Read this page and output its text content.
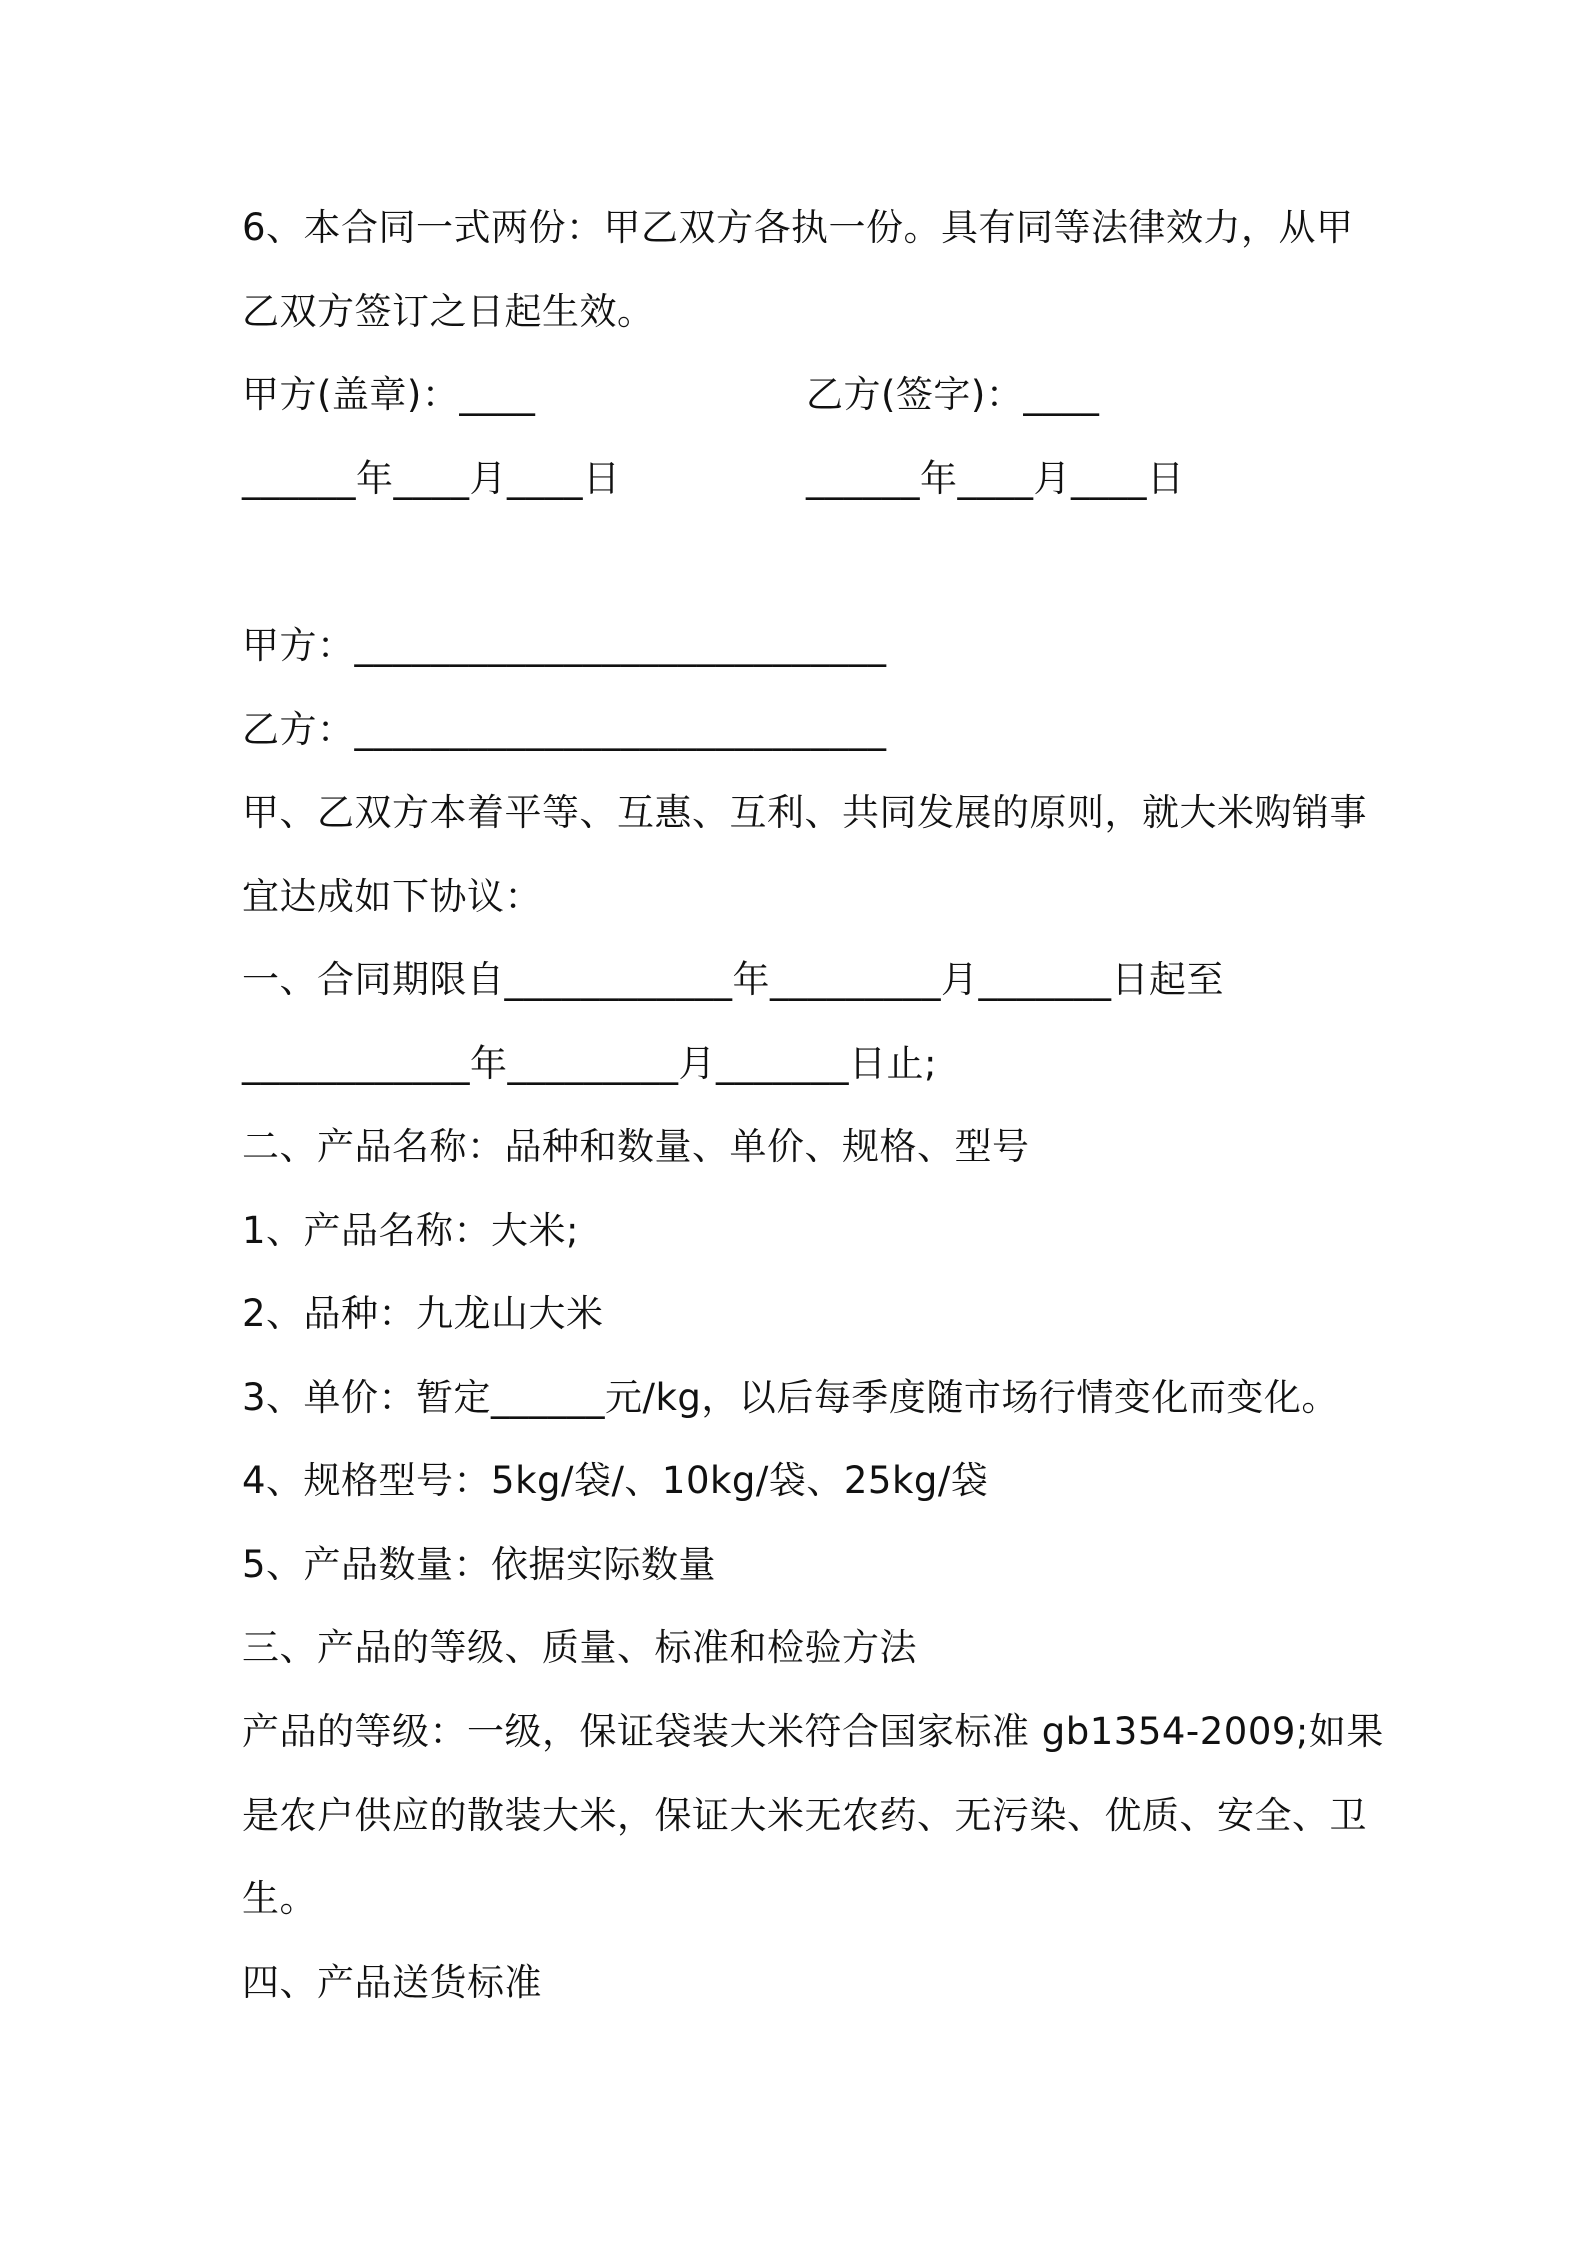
6、本合同一式两份：甲乙双方各执一份。具有同等法律效力，从甲
乙双方签订之日起生效。
甲方(盖章)：____	乙方(签字)：____
______年____月____日	______年____月____日
甲方：____________________________
乙方：____________________________
甲、乙双方本着平等、互惠、互利、共同发展的原则，就大米购销事
宜达成如下协议：
一、合同期限自____________年_________月_______日起至
____________年_________月_______日止;
二、产品名称：品种和数量、单价、规格、型号
1、产品名称：大米;
2、品种：九龙山大米
3、单价：暂定______元/kg，以后每季度随市场行情变化而变化。
4、规格型号：5kg/袋/、10kg/袋、25kg/袋
5、产品数量：依据实际数量
三、产品的等级、质量、标准和检验方法
产品的等级：一级，保证袋装大米符合国家标准 gb1354-2009;如果
是农户供应的散装大米，保证大米无农药、无污染、优质、安全、卫
生。
四、产品送货标准
